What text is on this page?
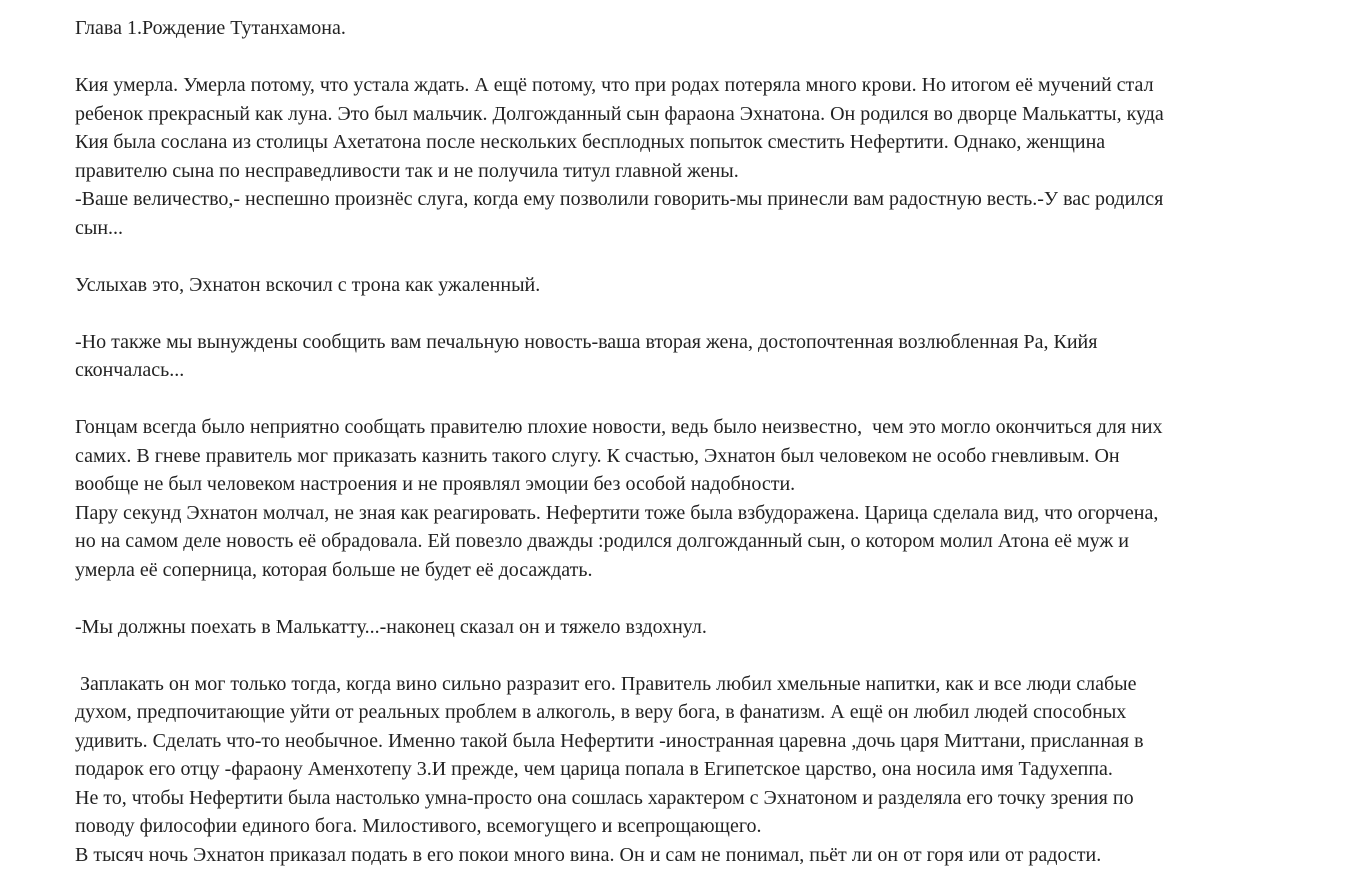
Глава 1.Рождение Тутанхамона.
Кия умерла. Умерла потому, что устала ждать. А ещё потому, что при родах потеряла много крови. Но итогом её мучений стал
ребенок прекрасный как луна. Это был мальчик. Долгожданный сын фараона Эхнатона. Он родился во дворце Малькатты, куда
Кия была сослана из столицы Ахетатона после нескольких бесплодных попыток сместить Нефертити. Однако, женщина
правителю сына по несправедливости так и не получила титул главной жены.
-Ваше величество,- неспешно произнёс слуга, когда ему позволили говорить-мы принесли вам радостную весть.-У вас родился
сын...
Услыхав это, Эхнатон вскочил с трона как ужаленный.
-Но также мы вынуждены сообщить вам печальную новость-ваша вторая жена, достопочтенная возлюбленная Ра, Кийя
скончалась...
Гонцам всегда было неприятно сообщать правителю плохие новости, ведь было неизвестно,  чем это могло окончиться для них
самих. В гневе правитель мог приказать казнить такого слугу. К счастью, Эхнатон был человеком не особо гневливым. Он
вообще не был человеком настроения и не проявлял эмоции без особой надобности.
Пару секунд Эхнатон молчал, не зная как реагировать. Нефертити тоже была взбудоражена. Царица сделала вид, что огорчена,
но на самом деле новость её обрадовала. Ей повезло дважды :родился долгожданный сын, о котором молил Атона её муж и
умерла её соперница, которая больше не будет её досаждать.
-Мы должны поехать в Малькатту...-наконец сказал он и тяжело вздохнул.
Заплакать он мог только тогда, когда вино сильно разразит его. Правитель любил хмельные напитки, как и все люди слабые
духом, предпочитающие уйти от реальных проблем в алкоголь, в веру бога, в фанатизм. А ещё он любил людей способных
удивить. Сделать что-то необычное. Именно такой была Нефертити -иностранная царевна ,дочь царя Миттани, присланная в
подарок его отцу -фараону Аменхотепу 3.И прежде, чем царица попала в Египетское царство, она носила имя Тадухеппа.
Не то, чтобы Нефертити была настолько умна-просто она сошлась характером с Эхнатоном и разделяла его точку зрения по
поводу философии единого бога. Милостивого, всемогущего и всепрощающего.
В тысяч ночь Эхнатон приказал подать в его покои много вина. Он и сам не понимал, пьёт ли он от горя или от радости.
